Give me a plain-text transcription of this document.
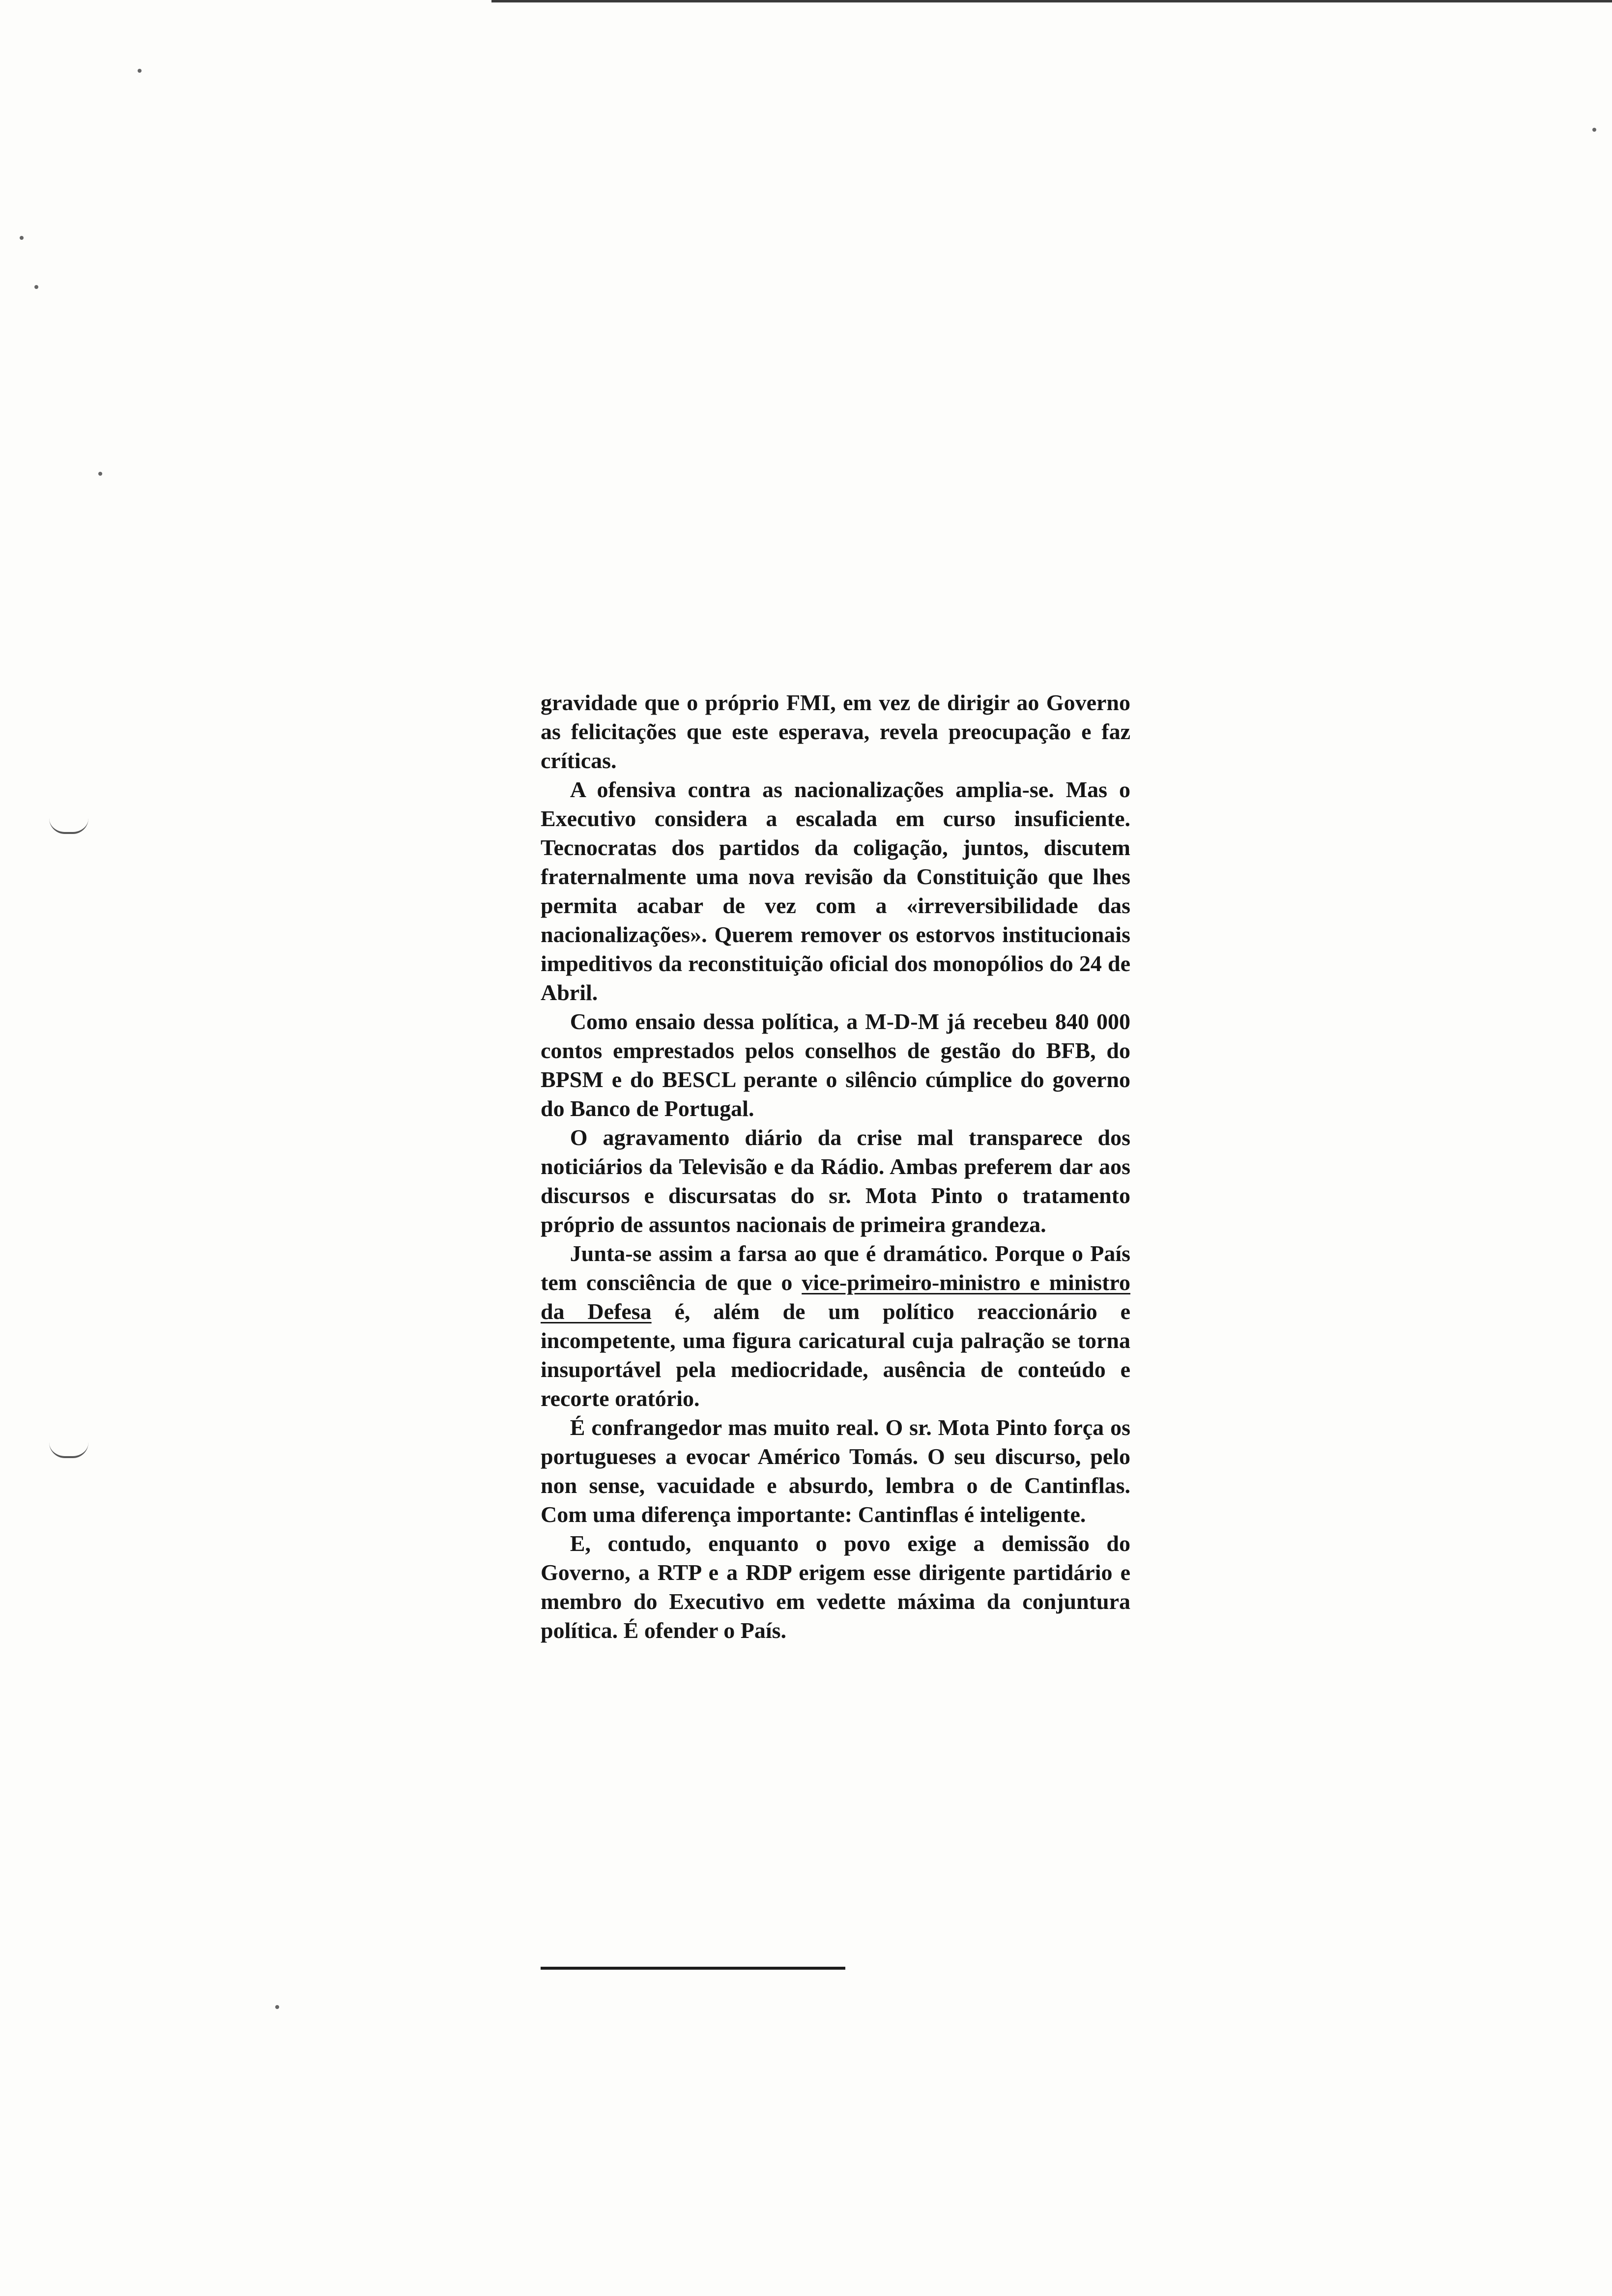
gravidade que o próprio FMI, em vez de dirigir ao Governo as felicitações que este esperava, revela preocupação e faz críticas.

A ofensiva contra as nacionalizações amplia-se. Mas o Executivo considera a escalada em curso insuficiente. Tecnocratas dos partidos da coligação, juntos, discutem fraternalmente uma nova revisão da Constituição que lhes permita acabar de vez com a «irreversibilidade das nacionalizações». Querem remover os estorvos institucionais impeditivos da reconstituição oficial dos monopólios do 24 de Abril.

Como ensaio dessa política, a M-D-M já recebeu 840 000 contos emprestados pelos conselhos de gestão do BFB, do BPSM e do BESCL perante o silêncio cúmplice do governo do Banco de Portugal.

O agravamento diário da crise mal transparece dos noticiários da Televisão e da Rádio. Ambas preferem dar aos discursos e discursatas do sr. Mota Pinto o tratamento próprio de assuntos nacionais de primeira grandeza.

Junta-se assim a farsa ao que é dramático. Porque o País tem consciência de que o vice-primeiro-ministro e ministro da Defesa é, além de um político reaccionário e incompetente, uma figura caricatural cuja palração se torna insuportável pela mediocridade, ausência de conteúdo e recorte oratório.

É confrangedor mas muito real. O sr. Mota Pinto força os portugueses a evocar Américo Tomás. O seu discurso, pelo non sense, vacuidade e absurdo, lembra o de Cantinflas. Com uma diferença importante: Cantinflas é inteligente.

E, contudo, enquanto o povo exige a demissão do Governo, a RTP e a RDP erigem esse dirigente partidário e membro do Executivo em vedette máxima da conjuntura política. É ofender o País.
